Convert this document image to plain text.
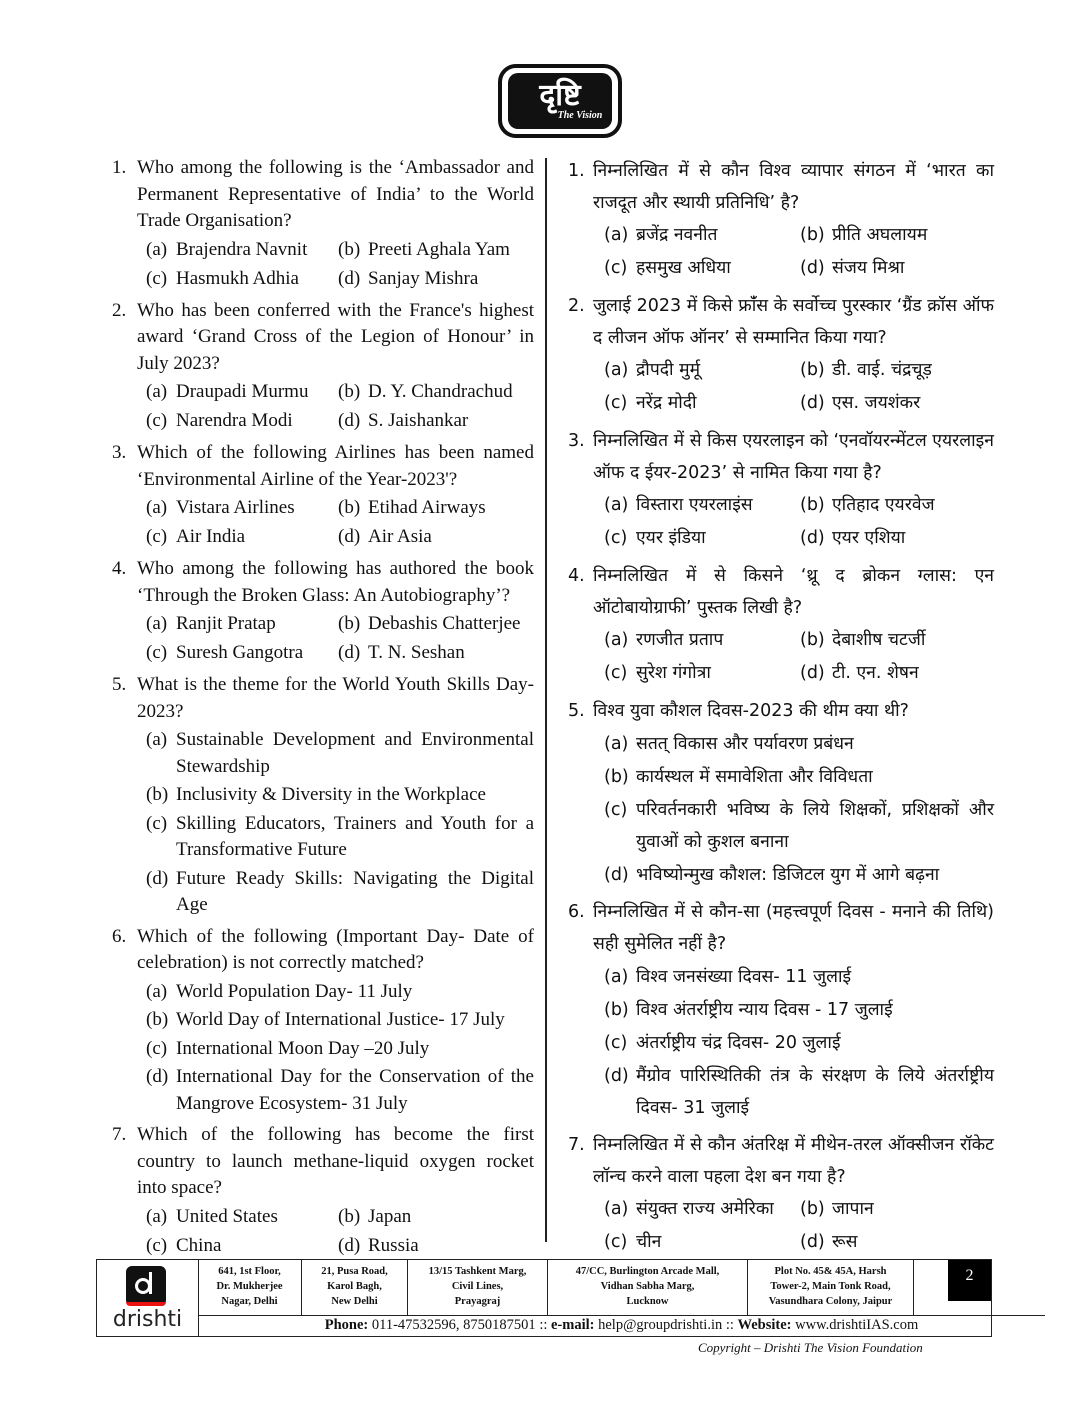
दृष्टि
The Vision
1. Who among the following is the ‘Ambassador and Permanent Representative of India’ to the World Trade Organisation?
(a) Brajendra Navnit	(b) Preeti Aghala Yam
(c) Hasmukh Adhia	(d) Sanjay Mishra
2. Who has been conferred with the France's highest award ‘Grand Cross of the Legion of Honour’ in July 2023?
(a) Draupadi Murmu	(b) D. Y. Chandrachud
(c) Narendra Modi	(d) S. Jaishankar
3. Which of the following Airlines has been named ‘Environmental Airline of the Year-2023'?
(a) Vistara Airlines	(b) Etihad Airways
(c) Air India	(d) Air Asia
4. Who among the following has authored the book ‘Through the Broken Glass: An Autobiography’?
(a) Ranjit Pratap	(b) Debashis Chatterjee
(c) Suresh Gangotra	(d) T. N. Seshan
5. What is the theme for the World Youth Skills Day-2023?
(a) Sustainable Development and Environmental Stewardship
(b) Inclusivity & Diversity in the Workplace
(c) Skilling Educators, Trainers and Youth for a Transformative Future
(d) Future Ready Skills: Navigating the Digital Age
6. Which of the following (Important Day- Date of celebration) is not correctly matched?
(a) World Population Day- 11 July
(b) World Day of International Justice- 17 July
(c) International Moon Day –20 July
(d) International Day for the Conservation of the Mangrove Ecosystem- 31 July
7. Which of the following has become the first country to launch methane-liquid oxygen rocket into space?
(a) United States	(b) Japan
(c) China	(d) Russia
1. निम्नलिखित में से कौन विश्व व्यापार संगठन में ‘भारत का राजदूत और स्थायी प्रतिनिधि’ है?
(a) ब्रजेंद्र नवनीत	(b) प्रीति अघलायम
(c) हसमुख अधिया	(d) संजय मिश्रा
2. जुलाई 2023 में किसे फ्रांँस के सर्वोच्च पुरस्कार ‘ग्रैंड क्रॉस ऑफ द लीजन ऑफ ऑनर’ से सम्मानित किया गया?
(a) द्रौपदी मुर्मू	(b) डी. वाई. चंद्रचूड़
(c) नरेंद्र मोदी	(d) एस. जयशंकर
3. निम्नलिखित में से किस एयरलाइन को ‘एनवॉयरन्मेंटल एयरलाइन ऑफ द ईयर-2023’ से नामित किया गया है?
(a) विस्तारा एयरलाइंस	(b) एतिहाद एयरवेज
(c) एयर इंडिया	(d) एयर एशिया
4. निम्नलिखित में से किसने ‘थ्रू द ब्रोकन ग्लास: एन ऑटोबायोग्राफी’ पुस्तक लिखी है?
(a) रणजीत प्रताप	(b) देबाशीष चटर्जी
(c) सुरेश गंगोत्रा	(d) टी. एन. शेषन
5. विश्व युवा कौशल दिवस-2023 की थीम क्या थी?
(a) सतत् विकास और पर्यावरण प्रबंधन
(b) कार्यस्थल में समावेशिता और विविधता
(c) परिवर्तनकारी भविष्य के लिये शिक्षकों, प्रशिक्षकों और युवाओं को कुशल बनाना
(d) भविष्योन्मुख कौशल: डिजिटल युग में आगे बढ़ना
6. निम्नलिखित में से कौन-सा (महत्त्वपूर्ण दिवस - मनाने की तिथि) सही सुमेलित नहीं है?
(a) विश्व जनसंख्या दिवस- 11 जुलाई
(b) विश्व अंतर्राष्ट्रीय न्याय दिवस - 17 जुलाई
(c) अंतर्राष्ट्रीय चंद्र दिवस- 20 जुलाई
(d) मैंग्रोव पारिस्थितिकी तंत्र के संरक्षण के लिये अंतर्राष्ट्रीय दिवस- 31 जुलाई
7. निम्नलिखित में से कौन अंतरिक्ष में मीथेन-तरल ऑक्सीजन रॉकेट लॉन्च करने वाला पहला देश बन गया है?
(a) संयुक्त राज्य अमेरिका	(b) जापान
(c) चीन	(d) रूस
drishti
641, 1st Floor,
Dr. Mukherjee
Nagar, Delhi
21, Pusa Road,
Karol Bagh,
New Delhi
13/15 Tashkent Marg,
Civil Lines,
Prayagraj
47/CC, Burlington Arcade Mall,
Vidhan Sabha Marg,
Lucknow
Plot No. 45& 45A, Harsh
Tower-2, Main Tonk Road,
Vasundhara Colony, Jaipur
2
Phone: 011-47532596, 8750187501 :: e-mail: help@groupdrishti.in :: Website: www.drishtiIAS.com
Copyright – Drishti The Vision Foundation
